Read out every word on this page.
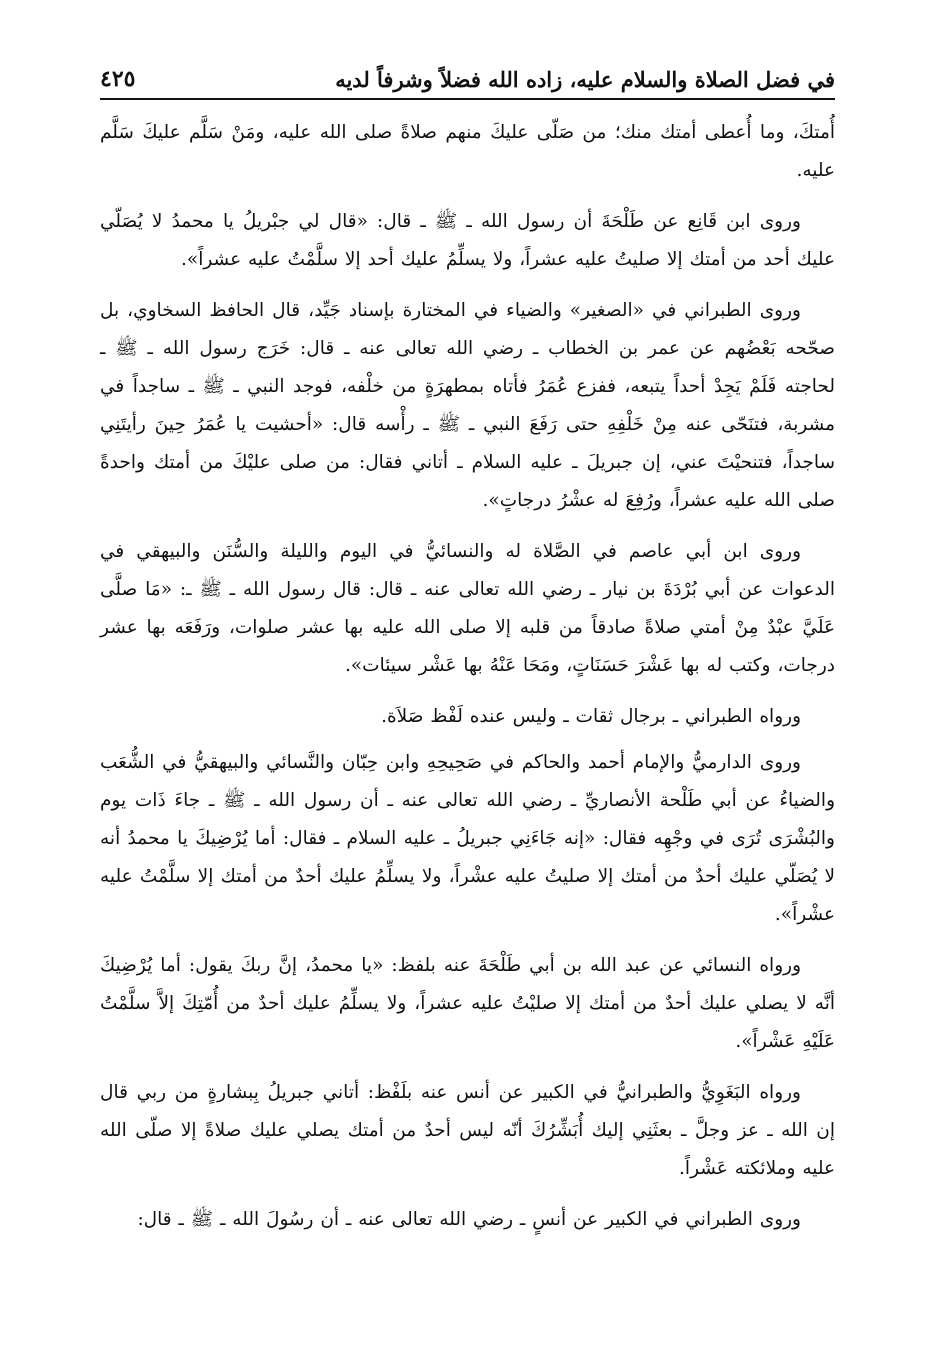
في فضل الصلاة والسلام عليه، زاده الله فضلاً وشرفاً لديه
٤٢٥

أُمتكَ، وما أُعطى أمتك منك؛ من صَلّى عليكَ منهم صلاةً صلى الله عليه، ومَنْ سَلَّم عليكَ سَلَّم عليه.

وروى ابن قَانِع عن طَلْحَةَ أن رسول الله ـ ﷺ ـ قال: «قال لي جبْريلُ يا محمدُ لا يُصَلّي عليك أحد من أمتك إلا صليتُ عليه عشراً، ولا يسلِّمُ عليك أحد إلا سلَّمْتُ عليه عشراً».

وروى الطبراني في «الصغير» والضياء في المختارة بإسناد جَيِّد، قال الحافظ السخاوي، بل صحّحه بَعْضُهم عن عمر بن الخطاب ـ رضي الله تعالى عنه ـ قال: خَرَج رسول الله ـ ﷺ ـ لحاجته فَلَمْ يَجِدْ أحداً يتبعه، ففزع عُمَرُ فأتاه بمطهرَةٍ من خلْفه، فوجد النبي ـ ﷺ ـ ساجداً في مشربة، فتنَحّى عنه مِنْ خَلْفِهِ حتى رَفَعَ النبي ـ ﷺ ـ رأْسه قال: «أحشيت يا عُمَرُ حِينَ رأيتَنِي ساجداً، فتنحيْتَ عني، إن جبريلَ ـ عليه السلام ـ أتاني فقال: من صلى عليْكَ من أمتك واحدةً صلى الله عليه عشراً، ورُفِعَ له عشْرُ درجاتٍ».

وروى ابن أبي عاصم في الصَّلاة له والنسائيُّ في اليوم والليلة والسُّنَن والبيهقي في الدعوات عن أبي بُرْدَةَ بن نيار ـ رضي الله تعالى عنه ـ قال: قال رسول الله ـ ﷺ ـ: «مَا صلَّى عَلَيَّ عبْدٌ مِنْ أمتي صلاةً صادقاً من قلبه إلا صلى الله عليه بها عشر صلوات، ورَفَعَه بها عشر درجات، وكتب له بها عَشْرَ حَسَنَاتٍ، ومَحَا عَنْهُ بها عَشْر سيئات».

ورواه الطبراني ـ برجال ثقات ـ وليس عنده لَفْظ صَلاَة.

وروى الدارميُّ والإمام أحمد والحاكم في صَحِيحِهِ وابن حِبّان والنَّسائي والبيهقيُّ في الشُّعَب والضياءُ عن أبي طَلْحة الأنصاريِّ ـ رضي الله تعالى عنه ـ أن رسول الله ـ ﷺ ـ جاءَ ذَات يوم والبُشْرَى تُرَى في وجْهِه فقال: «إنه جَاءَنِي جبريلُ ـ عليه السلام ـ فقال: أما يُرْضِيكَ يا محمدُ أنه لا يُصَلّي عليك أحدٌ من أمتك إلا صليتُ عليه عشْراً، ولا يسلِّمُ عليك أحدٌ من أمتك إلا سلَّمْتُ عليه عشْراً».

ورواه النسائي عن عبد الله بن أبي طَلْحَةَ عنه بلفظ: «يا محمدُ، إنَّ ربكَ يقول: أما يُرْضِيكَ أنَّه لا يصلي عليك أحدٌ من أمتك إلا صليْتُ عليه عشراً، ولا يسلِّمُ عليك أحدٌ من أُمّتِكَ إلاَّ سلَّمْتُ عَلَيْهِ عَشْراً».

ورواه البَغَوِيُّ والطبرانيُّ في الكبير عن أنس عنه بلَفْظ: أتاني جبريلُ بِبشارةٍ من ربي قال إن الله ـ عز وجلَّ ـ بعثَنِي إليك أُبَشِّرُكَ أنّه ليس أحدٌ من أمتك يصلي عليك صلاةً إلا صلّى الله عليه وملائكته عَشْراً.

وروى الطبراني في الكبير عن أنسٍ ـ رضي الله تعالى عنه ـ أن رسُولَ الله ـ ﷺ ـ قال:
